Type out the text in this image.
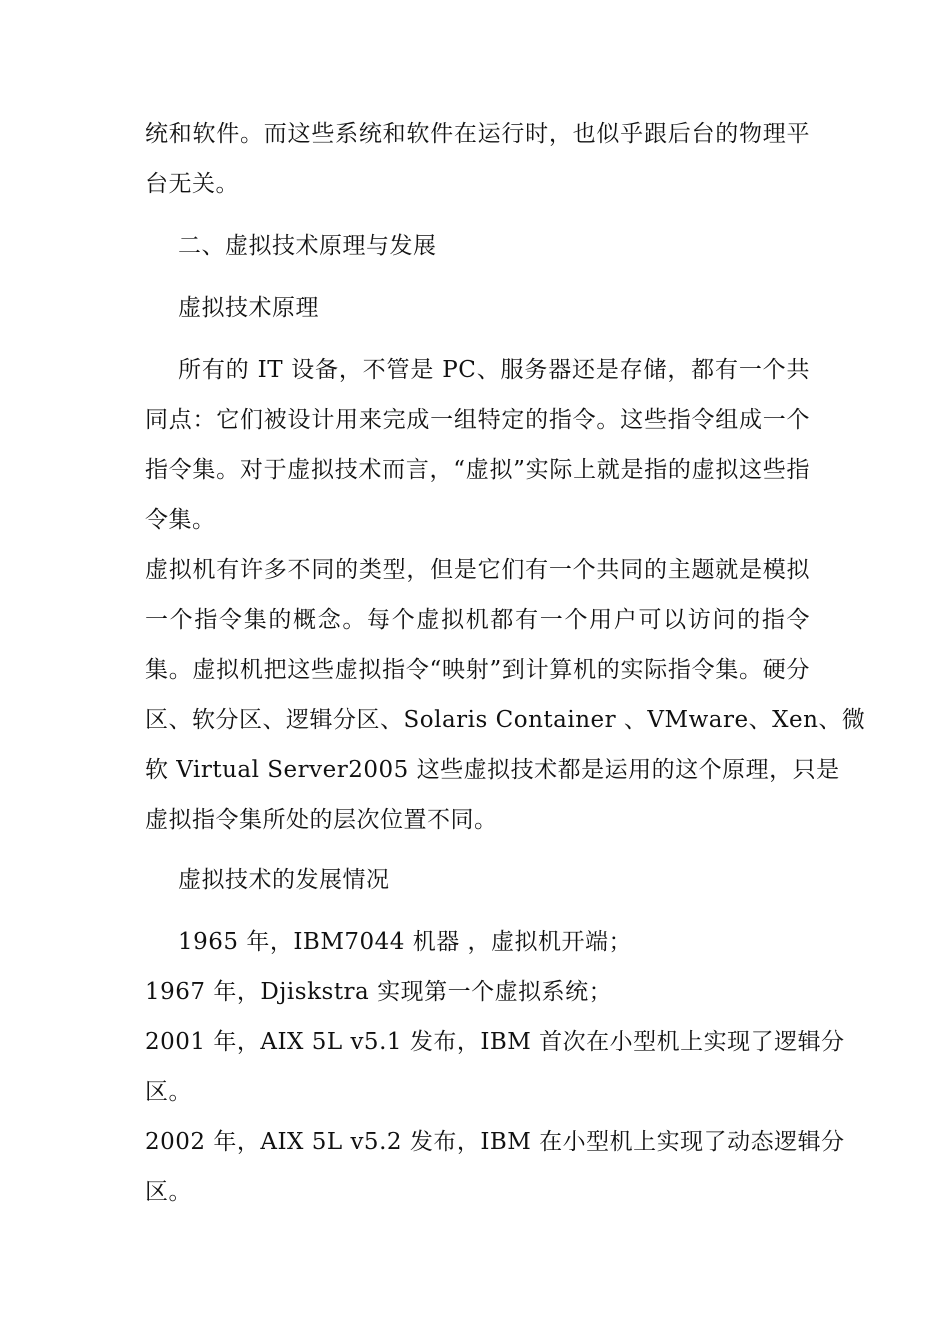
统和软件。而这些系统和软件在运行时，也似乎跟后台的物理平
台无关。
二、虚拟技术原理与发展
虚拟技术原理
所有的 IT 设备，不管是 PC、服务器还是存储，都有一个共
同点：它们被设计用来完成一组特定的指令。这些指令组成一个
指令集。对于虚拟技术而言，“虚拟”实际上就是指的虚拟这些指
令集。
虚拟机有许多不同的类型，但是它们有一个共同的主题就是模拟
一个指令集的概念。每个虚拟机都有一个用户可以访问的指令
集。虚拟机把这些虚拟指令“映射”到计算机的实际指令集。硬分
区、软分区、逻辑分区、Solaris Container 、VMware、Xen、微
软 Virtual Server2005 这些虚拟技术都是运用的这个原理，只是
虚拟指令集所处的层次位置不同。
虚拟技术的发展情况
1965 年，IBM7044 机器 ，虚拟机开端；
1967 年，Djiskstra 实现第一个虚拟系统；
2001 年，AIX 5L v5.1 发布，IBM 首次在小型机上实现了逻辑分
区。
2002 年，AIX 5L v5.2 发布，IBM 在小型机上实现了动态逻辑分
区。
